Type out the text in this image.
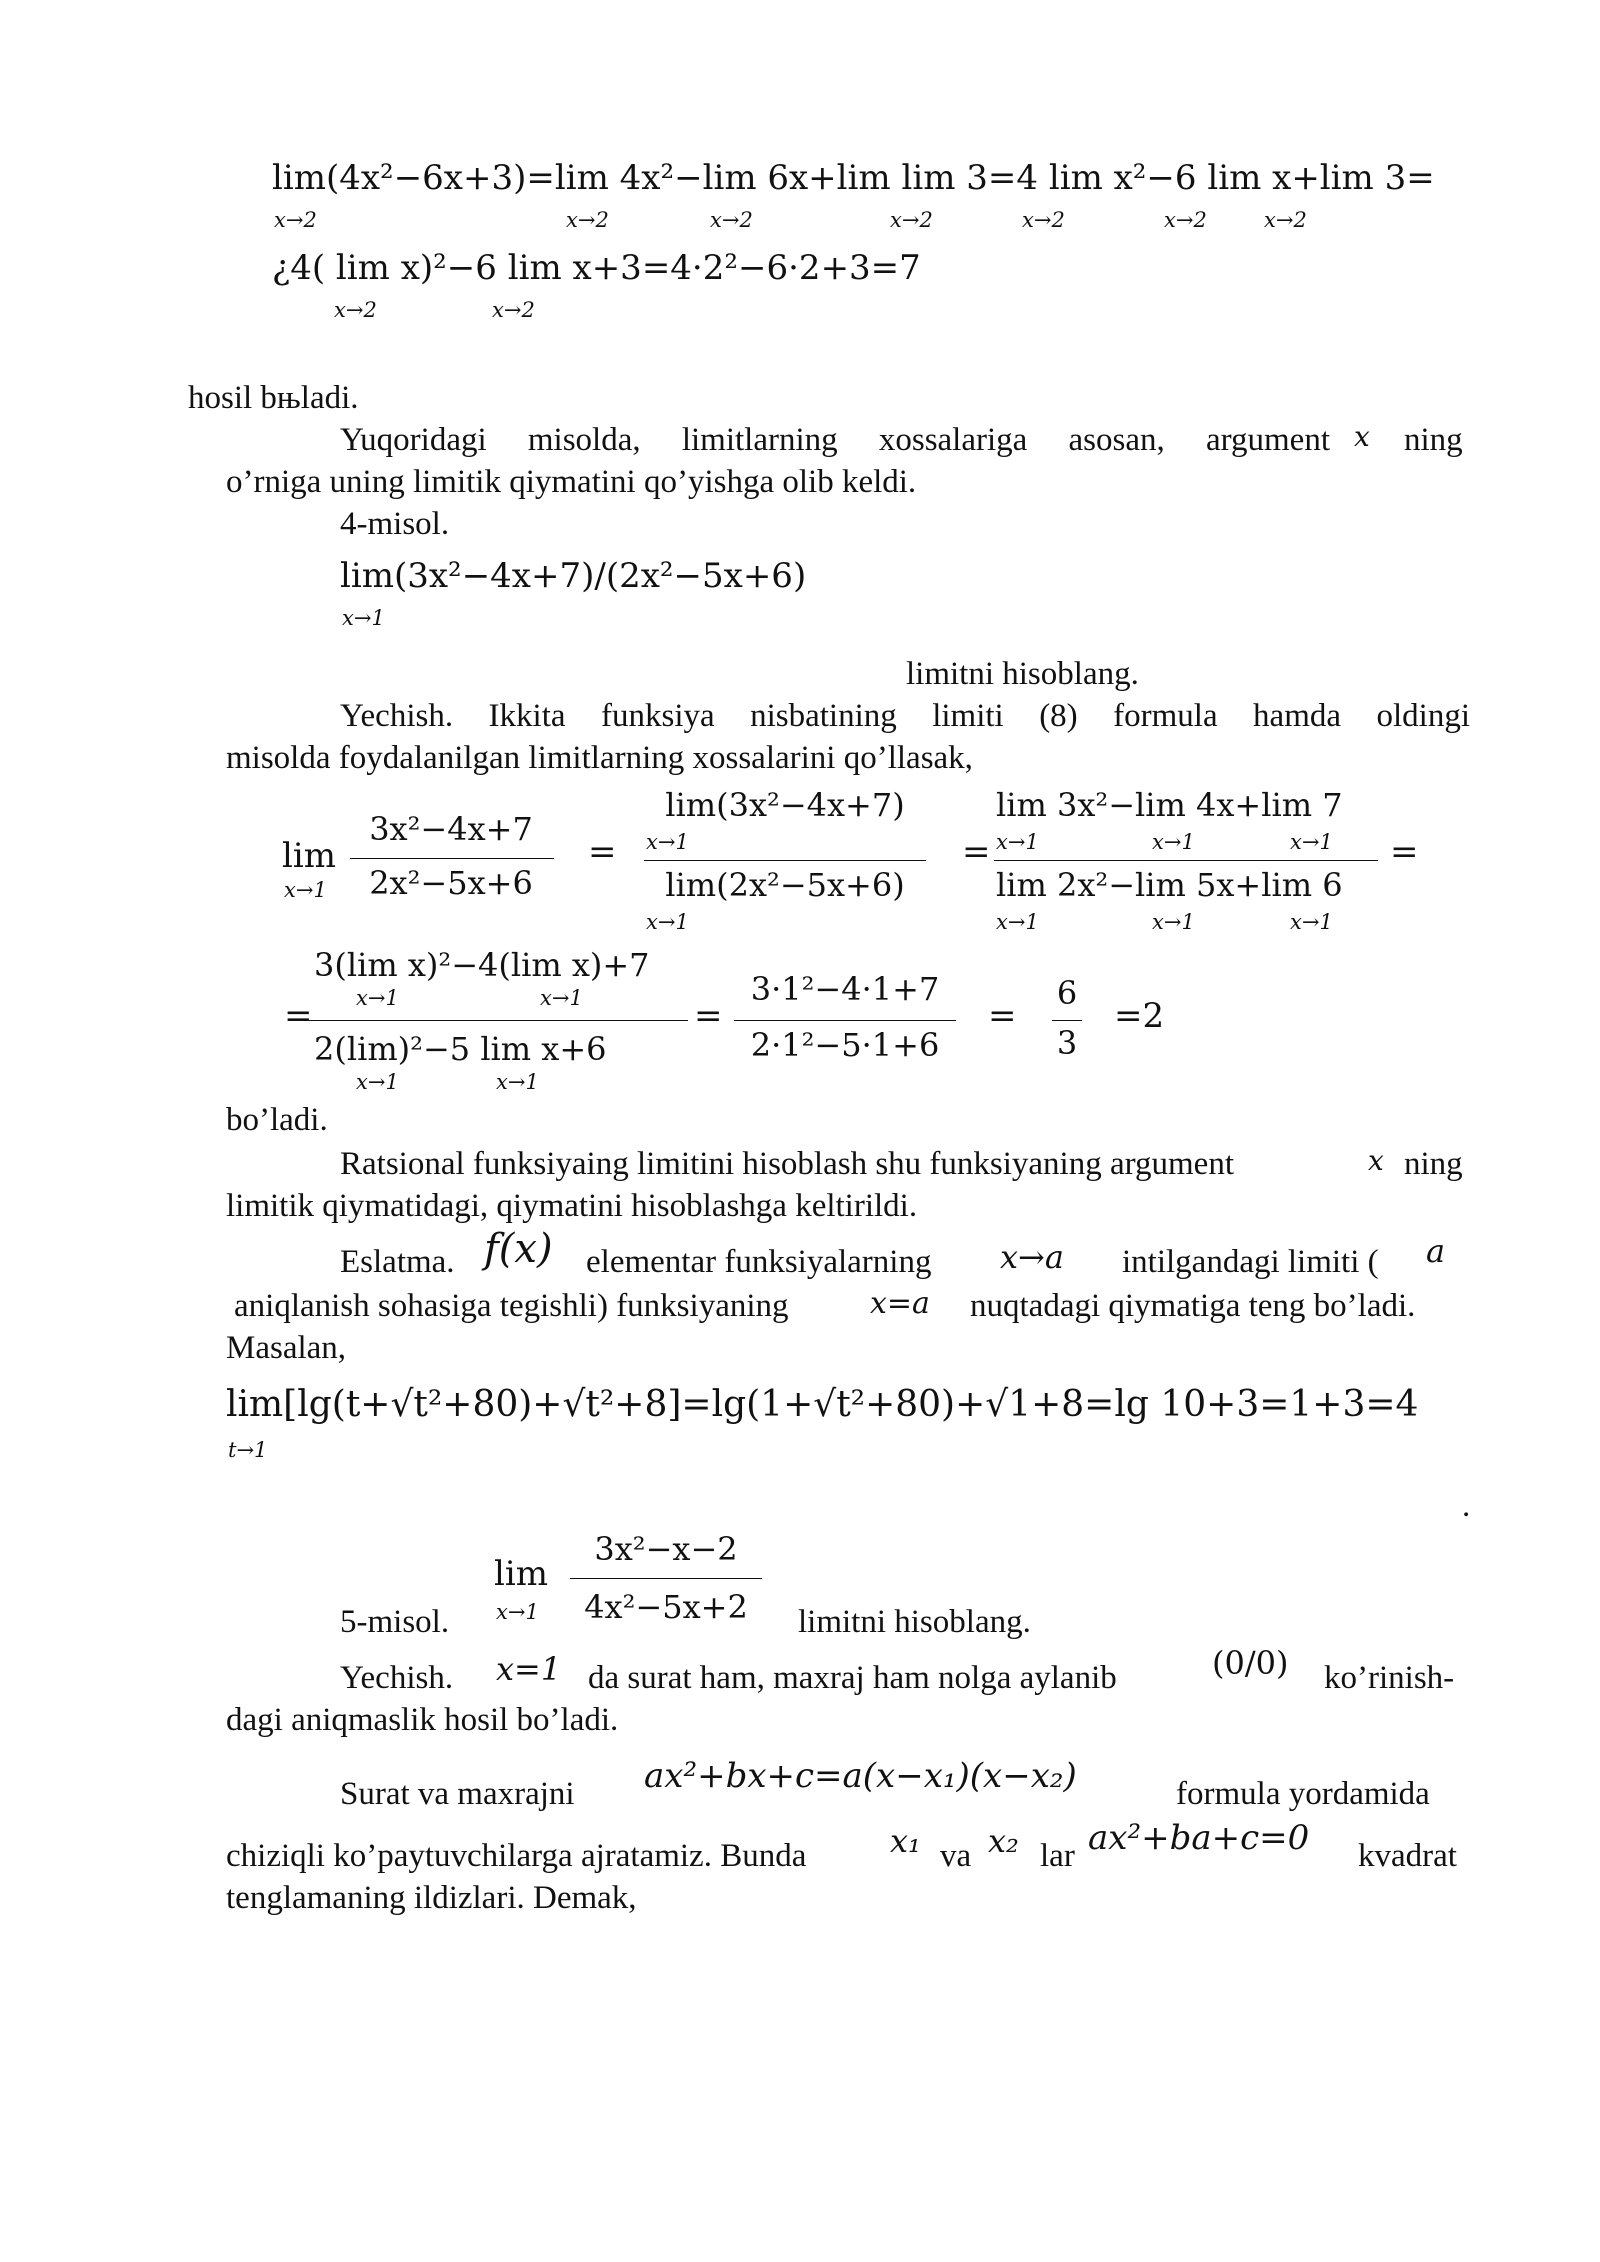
lim(4x²−6x+3)=lim 4x²−lim 6x+lim lim 3=4 lim x²−6 lim x+lim 3=
x→2	x→2	x→2	x→2	x→2	x→2	x→2
¿4( lim x)²−6 lim x+3=4·2²−6·2+3=7
x→2	x→2
hosil bњladi.
Yuqoridagi misolda, limitlarning xossalariga asosan, argument x ning
o’rniga uning limitik qiymatini qo’yishga olib keldi.
4-misol.
lim(3x²−4x+7)/(2x²−5x+6)
x→1
limitni hisoblang.
Yechish. Ikkita funksiya nisbatining limiti (8) formula hamda oldingi
misolda foydalanilgan limitlarning xossalarini qo’llasak,
lim
x→1
3x²−4x+7
2x²−5x+6
=
lim(3x²−4x+7)
x→1
lim(2x²−5x+6)
x→1
=
lim 3x²−lim 4x+lim 7
x→1	x→1	x→1
lim 2x²−lim 5x+lim 6
x→1	x→1	x→1
=
=
3(lim x)²−4(lim x)+7
x→1	x→1
2(lim)²−5 lim x+6
x→1	x→1
=
3·1²−4·1+7
2·1²−5·1+6
=
6
3
=2
bo’ladi.
Ratsional funksiyaing limitini hisoblash shu funksiyaning argument	x ning
limitik qiymatidagi, qiymatini hisoblashga keltirildi.
Eslatma. f(x) elementar funksiyalarning x→a intilgandagi limiti ( a
aniqlanish sohasiga tegishli) funksiyaning	x=a nuqtadagi qiymatiga teng bo’ladi.
Masalan,
lim[lg(t+√t²+80)+√t²+8]=lg(1+√t²+80)+√1+8=lg 10+3=1+3=4
t→1
.
lim
x→1
3x²−x−2
4x²−5x+2
5-misol.	limitni hisoblang.
Yechish. x=1 da surat ham, maxraj ham nolga aylanib	(0/0) ko’rinish-
dagi aniqmaslik hosil bo’ladi.
Surat va maxrajni ax²+bx+c=a(x−x₁)(x−x₂)	formula yordamida
chiziqli ko’paytuvchilarga ajratamiz. Bunda	x₁ va x₂ lar ax²+ba+c=0 kvadrat
tenglamaning ildizlari. Demak,
